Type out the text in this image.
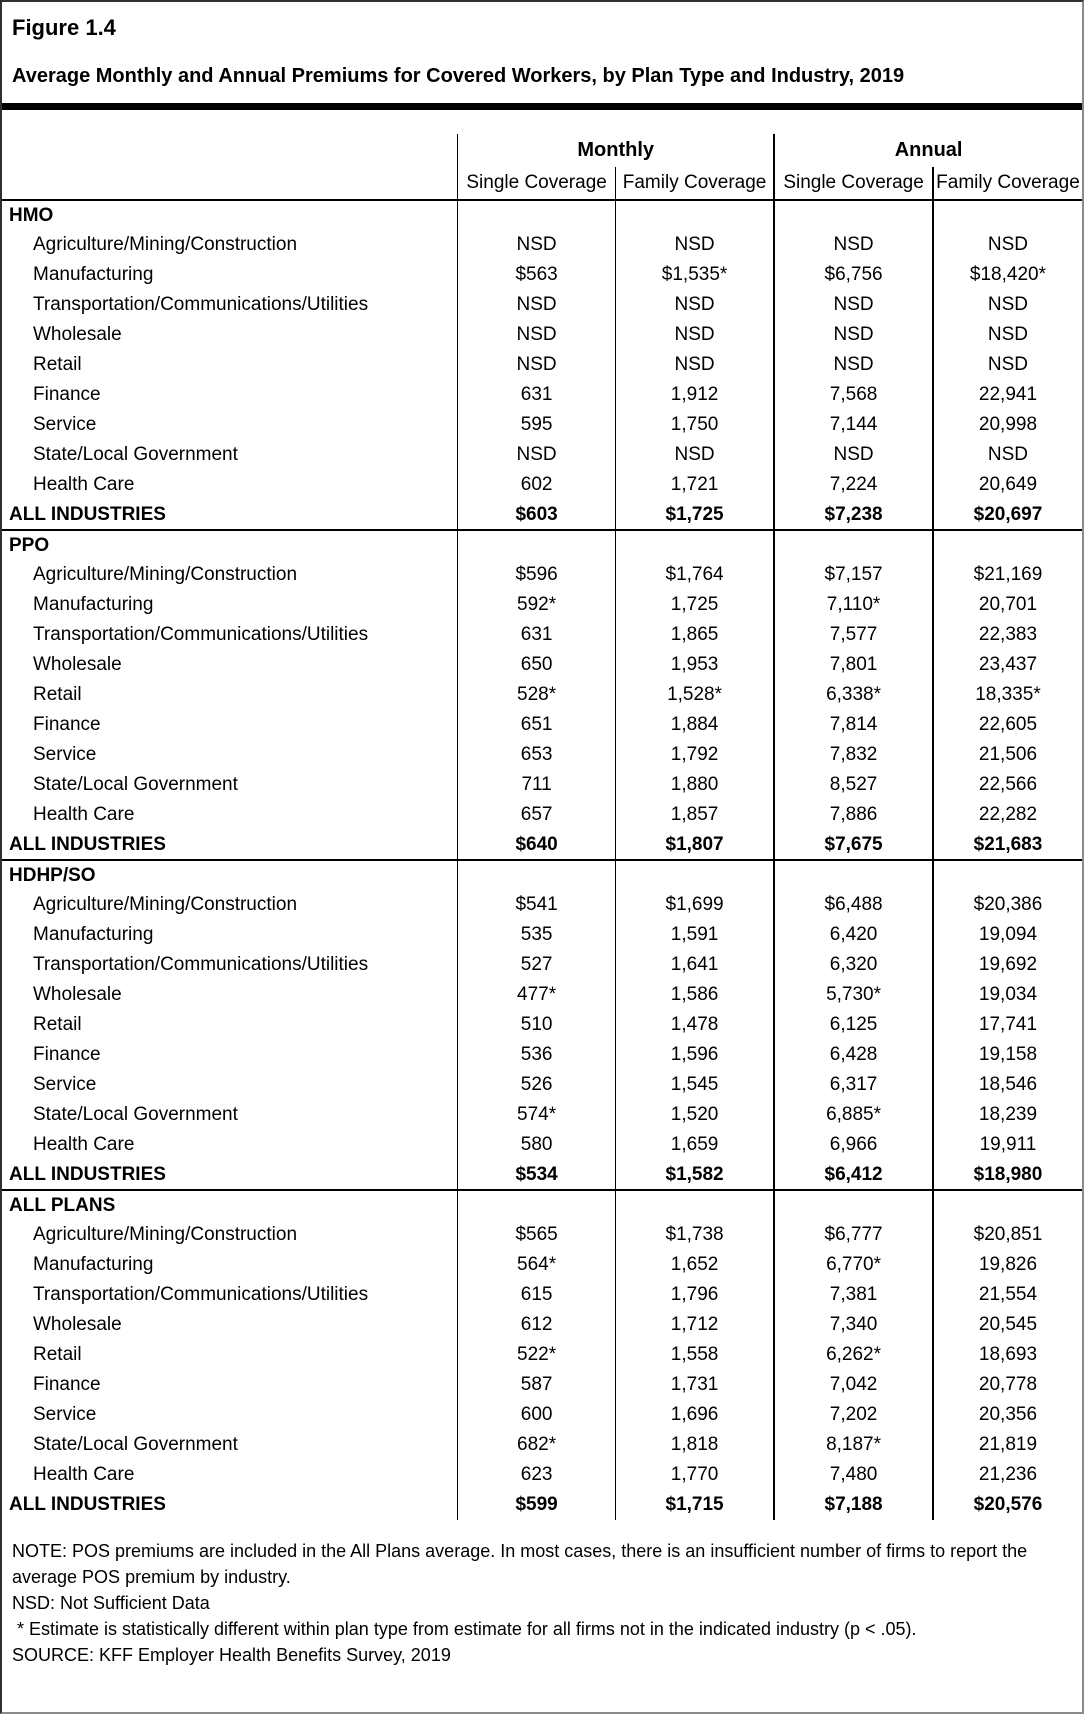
Figure 1.4
Average Monthly and Annual Premiums for Covered Workers, by Plan Type and Industry, 2019
	Monthly		Annual	
	Single Coverage	Family Coverage	Single Coverage	Family Coverage
HMO				
Agriculture/Mining/Construction	NSD	NSD	NSD	NSD
Manufacturing	$563	$1,535*	$6,756	$18,420*
Transportation/Communications/Utilities	NSD	NSD	NSD	NSD
Wholesale	NSD	NSD	NSD	NSD
Retail	NSD	NSD	NSD	NSD
Finance	631	1,912	7,568	22,941
Service	595	1,750	7,144	20,998
State/Local Government	NSD	NSD	NSD	NSD
Health Care	602	1,721	7,224	20,649
ALL INDUSTRIES	$603	$1,725	$7,238	$20,697
PPO				
Agriculture/Mining/Construction	$596	$1,764	$7,157	$21,169
Manufacturing	592*	1,725	7,110*	20,701
Transportation/Communications/Utilities	631	1,865	7,577	22,383
Wholesale	650	1,953	7,801	23,437
Retail	528*	1,528*	6,338*	18,335*
Finance	651	1,884	7,814	22,605
Service	653	1,792	7,832	21,506
State/Local Government	711	1,880	8,527	22,566
Health Care	657	1,857	7,886	22,282
ALL INDUSTRIES	$640	$1,807	$7,675	$21,683
HDHP/SO				
Agriculture/Mining/Construction	$541	$1,699	$6,488	$20,386
Manufacturing	535	1,591	6,420	19,094
Transportation/Communications/Utilities	527	1,641	6,320	19,692
Wholesale	477*	1,586	5,730*	19,034
Retail	510	1,478	6,125	17,741
Finance	536	1,596	6,428	19,158
Service	526	1,545	6,317	18,546
State/Local Government	574*	1,520	6,885*	18,239
Health Care	580	1,659	6,966	19,911
ALL INDUSTRIES	$534	$1,582	$6,412	$18,980
ALL PLANS				
Agriculture/Mining/Construction	$565	$1,738	$6,777	$20,851
Manufacturing	564*	1,652	6,770*	19,826
Transportation/Communications/Utilities	615	1,796	7,381	21,554
Wholesale	612	1,712	7,340	20,545
Retail	522*	1,558	6,262*	18,693
Finance	587	1,731	7,042	20,778
Service	600	1,696	7,202	20,356
State/Local Government	682*	1,818	8,187*	21,819
Health Care	623	1,770	7,480	21,236
ALL INDUSTRIES	$599	$1,715	$7,188	$20,576

NOTE: POS premiums are included in the All Plans average. In most cases, there is an insufficient number of firms to report the average POS premium by industry.

NSD: Not Sufficient Data

* Estimate is statistically different within plan type from estimate for all firms not in the indicated industry (p < .05).

SOURCE: KFF Employer Health Benefits Survey, 2019
